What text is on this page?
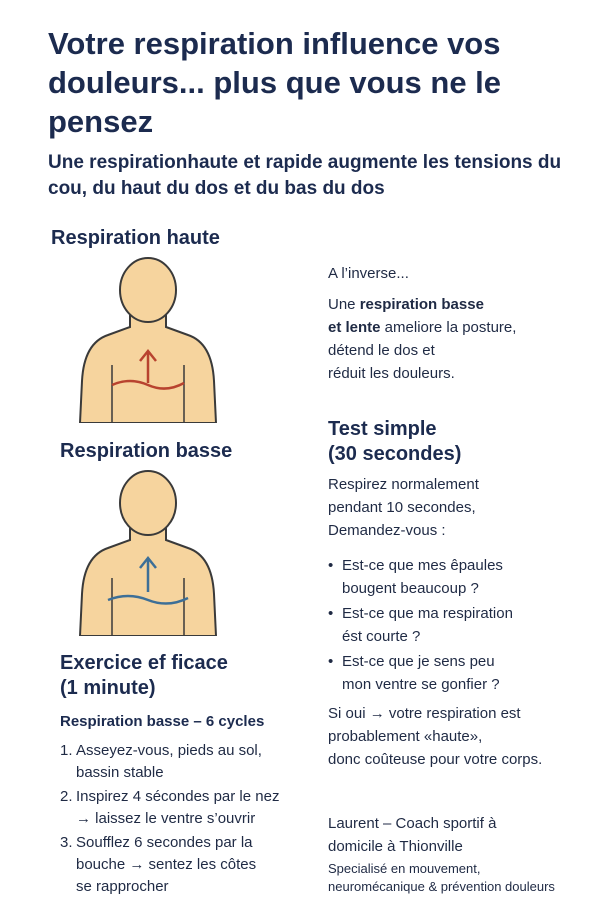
Votre respiration influence vos douleurs... plus que vous ne le pensez

Une respirationhaute et rapide augmente les tensions du cou, du haut du dos et du bas du dos

Respiration haute
Respiration basse
Exercice ef ficace
(1 minute)
Respiration basse – 6 cycles
1. Asseyez-vous, pieds au sol,
bassin stable
2. Inspirez 4 sécondes par le nez
→ laissez le ventre s’ouvrir
3. Soufflez 6 secondes par la
bouche → sentez les côtes
se rapprocher

A l’inverse...

Une respiration basse

et lente ameliore la posture,

détend le dos et

réduit les douleurs.

Test simple
(30 secondes)

Respirez normalement

pendant 10 secondes,

Demandez-vous :

• Est-ce que mes êpaules
bougent beaucoup ?
• Est-ce que ma respiration
ést courte ?
• Est-ce que je sens peu
mon ventre se gonfier ?

Si oui → votre respiration est

probablement «haute»,

donc coûteuse pour votre corps.

Laurent – Coach sportif à

domicile à Thionville

Specialisé en mouvement,

neuromécanique & prévention douleurs
